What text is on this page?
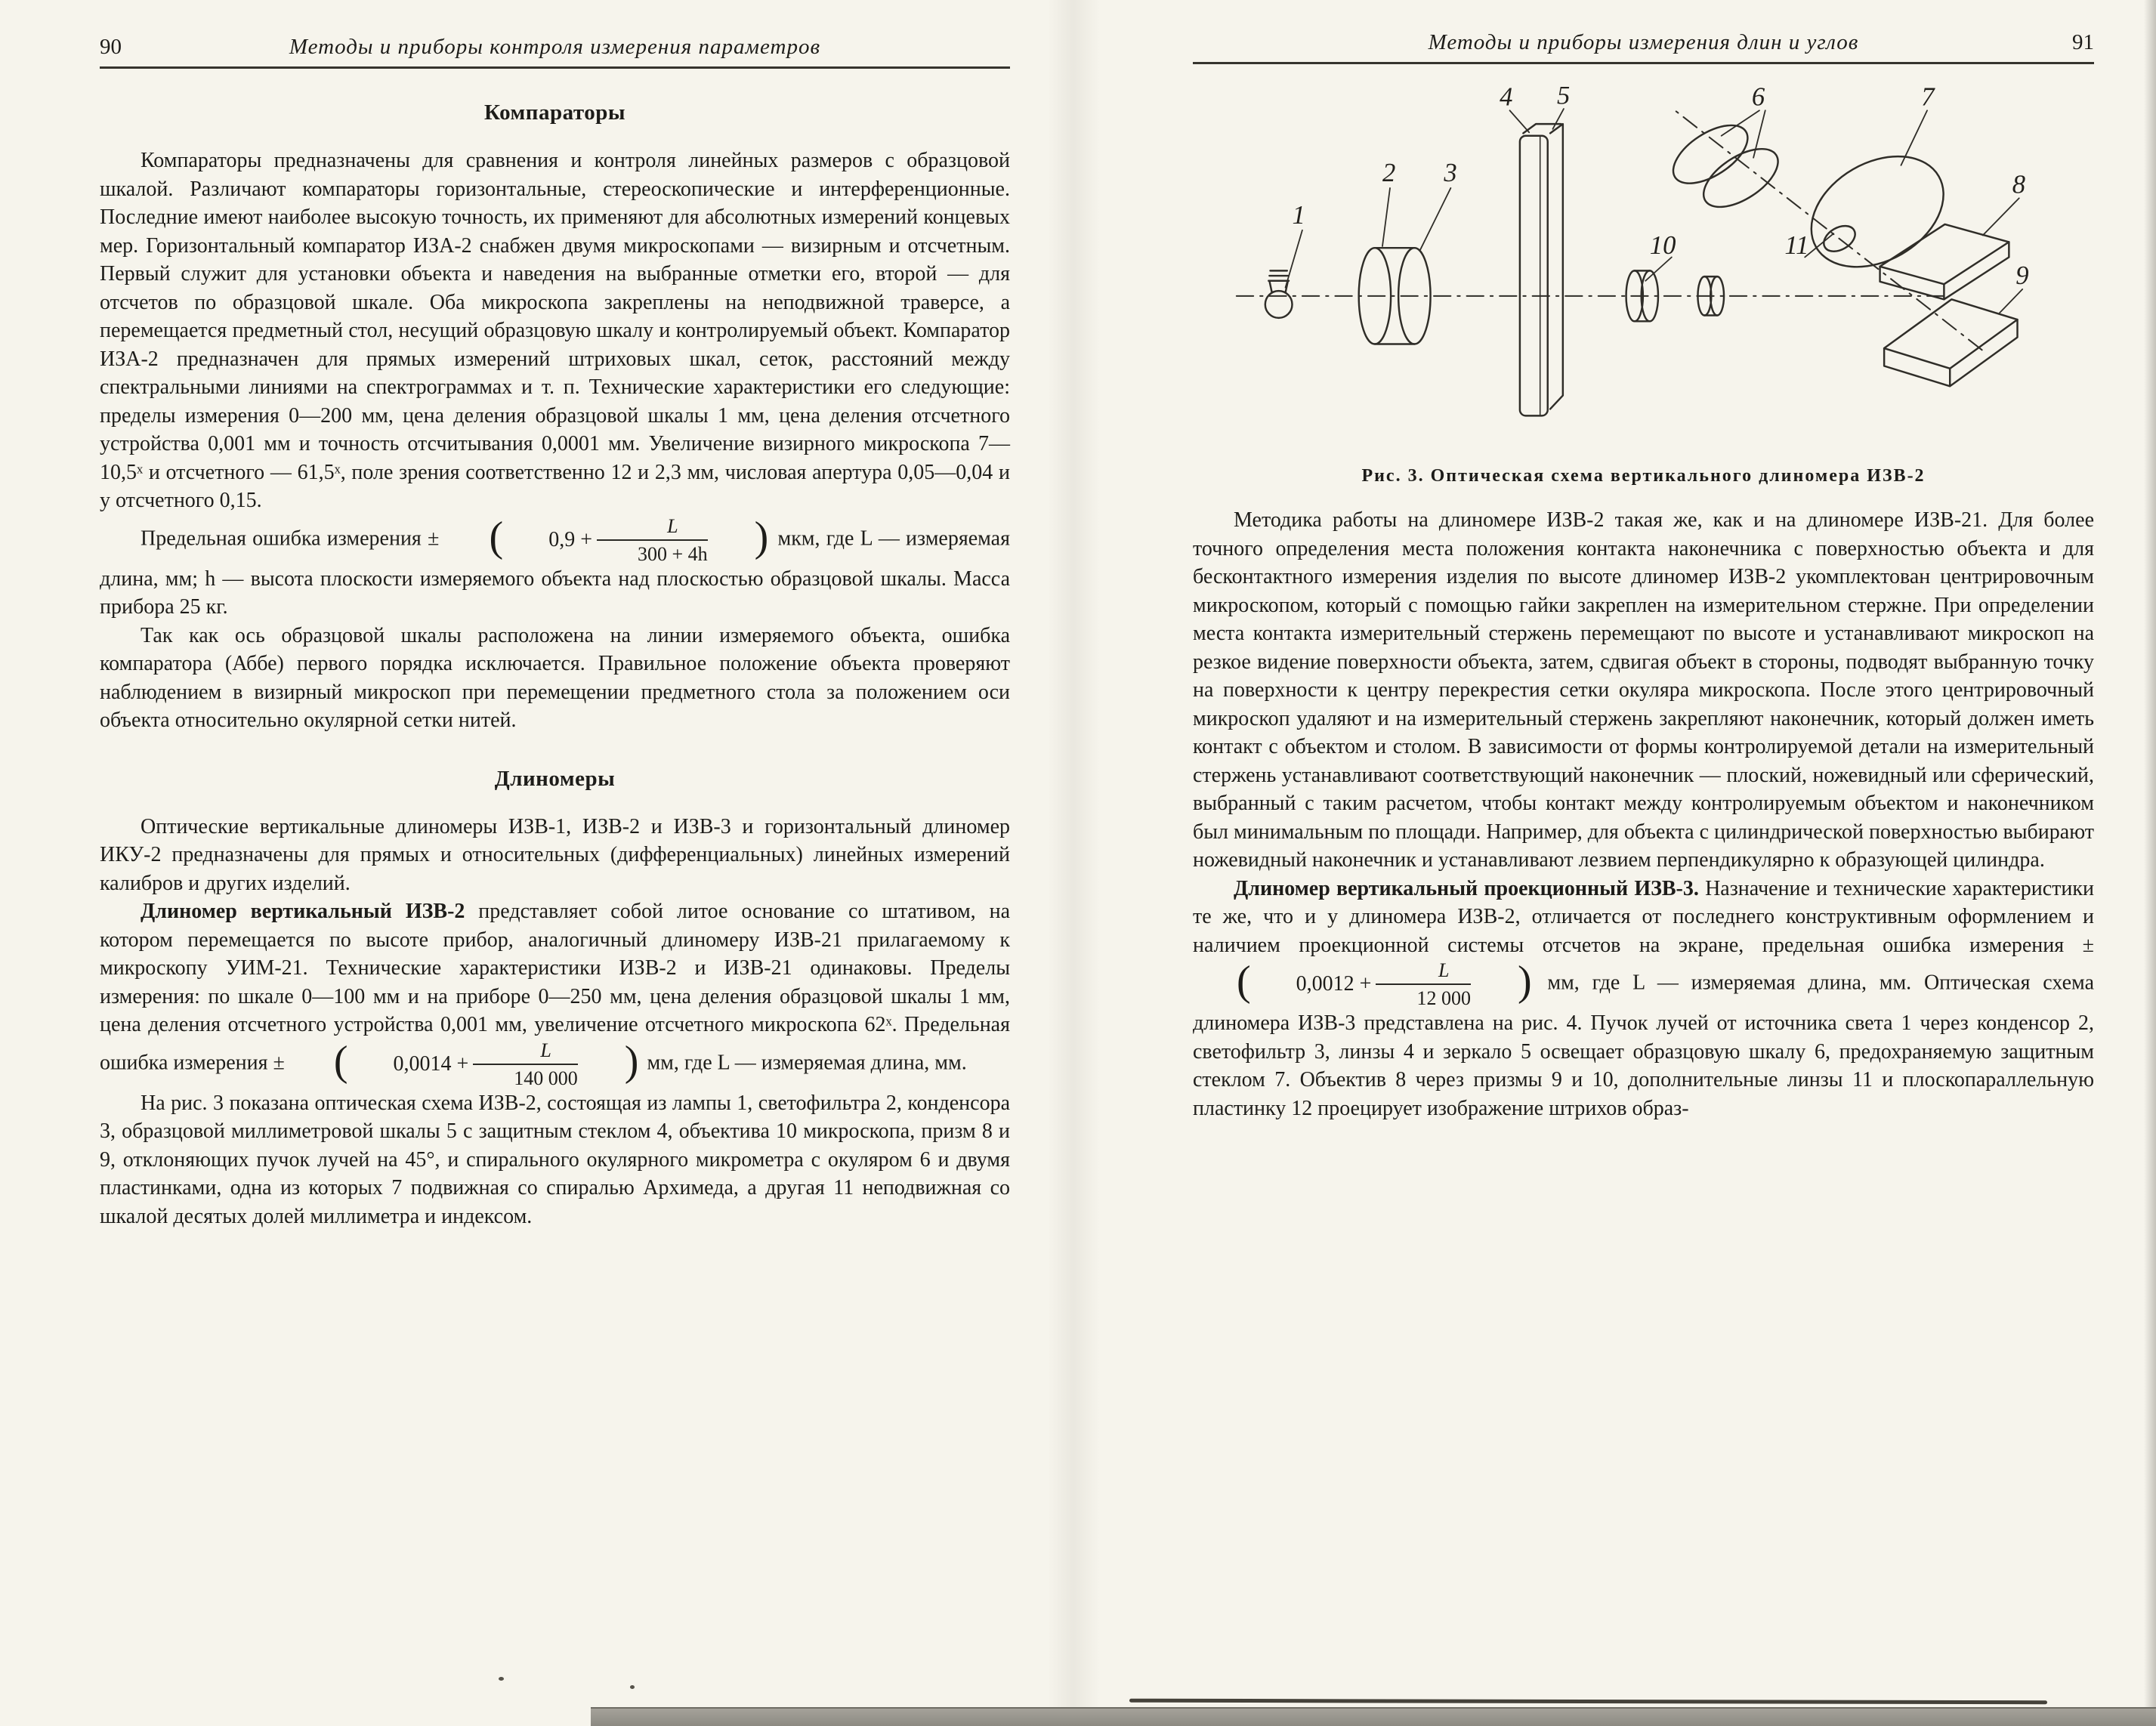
90	Методы и приборы контроля измерения параметров
Компараторы

Компараторы предназначены для сравнения и контроля линейных размеров с образцовой шкалой. Различают компараторы горизонтальные, стереоскопические и интерференционные. Последние имеют наиболее высокую точность, их применяют для абсолютных измерений концевых мер. Горизонтальный компаратор ИЗА-2 снабжен двумя микроскопами — визирным и отсчетным. Первый служит для установки объекта и наведения на выбранные отметки его, второй — для отсчетов по образцовой шкале. Оба микроскопа закреплены на неподвижной траверсе, а перемещается предметный стол, несущий образцовую шкалу и контролируемый объект. Компаратор ИЗА-2 предназначен для прямых измерений штриховых шкал, сеток, расстояний между спектральными линиями на спектрограммах и т. п. Технические характеристики его следующие: пределы измерения 0—200 мм, цена деления образцовой шкалы 1 мм, цена деления отсчетного устройства 0,001 мм и точность отсчитывания 0,0001 мм. Увеличение визирного микроскопа 7—10,5ˣ и отсчетного — 61,5ˣ, поле зрения соответственно 12 и 2,3 мм, числовая апертура 0,05—0,04 и у отсчетного 0,15.

Предельная ошибка измерения ±	(	$0,9 + \frac{L}{300 + 4h}$	) мкм, где L — измеряемая длина, мм; h — высота плоскости измеряемого объекта над плоскостью образцовой шкалы. Масса прибора 25 кг.

Так как ось образцовой шкалы расположена на линии измеряемого объекта, ошибка компаратора (Аббе) первого порядка исключается. Правильное положение объекта проверяют наблюдением в визирный микроскоп при перемещении предметного стола за положением оси объекта относительно окулярной сетки нитей.

Длиномеры

Оптические вертикальные длиномеры ИЗВ-1, ИЗВ-2 и ИЗВ-3 и горизонтальный длиномер ИКУ-2 предназначены для прямых и относительных (дифференциальных) линейных измерений калибров и других изделий.

Длиномер вертикальный ИЗВ-2 представляет собой литое основание со штативом, на котором перемещается по высоте прибор, аналогичный длиномеру ИЗВ-21 прилагаемому к микроскопу УИМ-21. Технические характеристики ИЗВ-2 и ИЗВ-21 одинаковы. Пределы измерения: по шкале 0—100 мм и на приборе 0—250 мм, цена деления образцовой шкалы 1 мм, цена деления отсчетного устройства 0,001 мм, увеличение отсчетного микроскопа 62ˣ. Предельная ошибка измерения ±	(	$0,0014 + \frac{L}{140 000}$	) мм, где L — измеряемая длина, мм.

На рис. 3 показана оптическая схема ИЗВ-2, состоящая из лампы 1, светофильтра 2, конденсора 3, образцовой миллиметровой шкалы 5 с защитным стеклом 4, объектива 10 микроскопа, призм 8 и 9, отклоняющих пучок лучей на 45°, и спирального окулярного микрометра с окуляром 6 и двумя пластинками, одна из которых 7 подвижная со спиралью Архимеда, а другая 11 неподвижная со шкалой десятых долей миллиметра и индексом.

Методы и приборы измерения длин и углов	91
1
2 3
4 5	6	7
8
9
10	11
Рис. 3. Оптическая схема вертикального длиномера ИЗВ-2

Методика работы на длиномере ИЗВ-2 такая же, как и на длиномере ИЗВ-21. Для более точного определения места положения контакта наконечника с поверхностью объекта и для бесконтактного измерения изделия по высоте длиномер ИЗВ-2 укомплектован центрировочным микроскопом, который с помощью гайки закреплен на измерительном стержне. При определении места контакта измерительный стержень перемещают по высоте и устанавливают микроскоп на резкое видение поверхности объекта, затем, сдвигая объект в стороны, подводят выбранную точку на поверхности к центру перекрестия сетки окуляра микроскопа. После этого центрировочный микроскоп удаляют и на измерительный стержень закрепляют наконечник, который должен иметь контакт с объектом и столом. В зависимости от формы контролируемой детали на измерительный стержень устанавливают соответствующий наконечник — плоский, ножевидный или сферический, выбранный с таким расчетом, чтобы контакт между контролируемым объектом и наконечником был минимальным по площади. Например, для объекта с цилиндрической поверхностью выбирают ножевидный наконечник и устанавливают лезвием перпендикулярно к образующей цилиндра.

Длиномер вертикальный проекционный ИЗВ-3. Назначение и технические характеристики те же, что и у длиномера ИЗВ-2, отличается от последнего конструктивным оформлением и наличием проекционной системы отсчетов на экране, предельная ошибка измерения ±
(	$0,0012 + \frac{L}{12 000}$	) мм, где L — измеряемая длина, мм. Оптическая схема длиномера ИЗВ-3 представлена на рис. 4. Пучок лучей от источника света 1 через конденсор 2, светофильтр 3, линзы 4 и зеркало 5 освещает образцовую шкалу 6, предохраняемую защитным стеклом 7. Объектив 8 через призмы 9 и 10, дополнительные линзы 11 и плоскопараллельную пластинку 12 проецирует изображение штрихов образ-
